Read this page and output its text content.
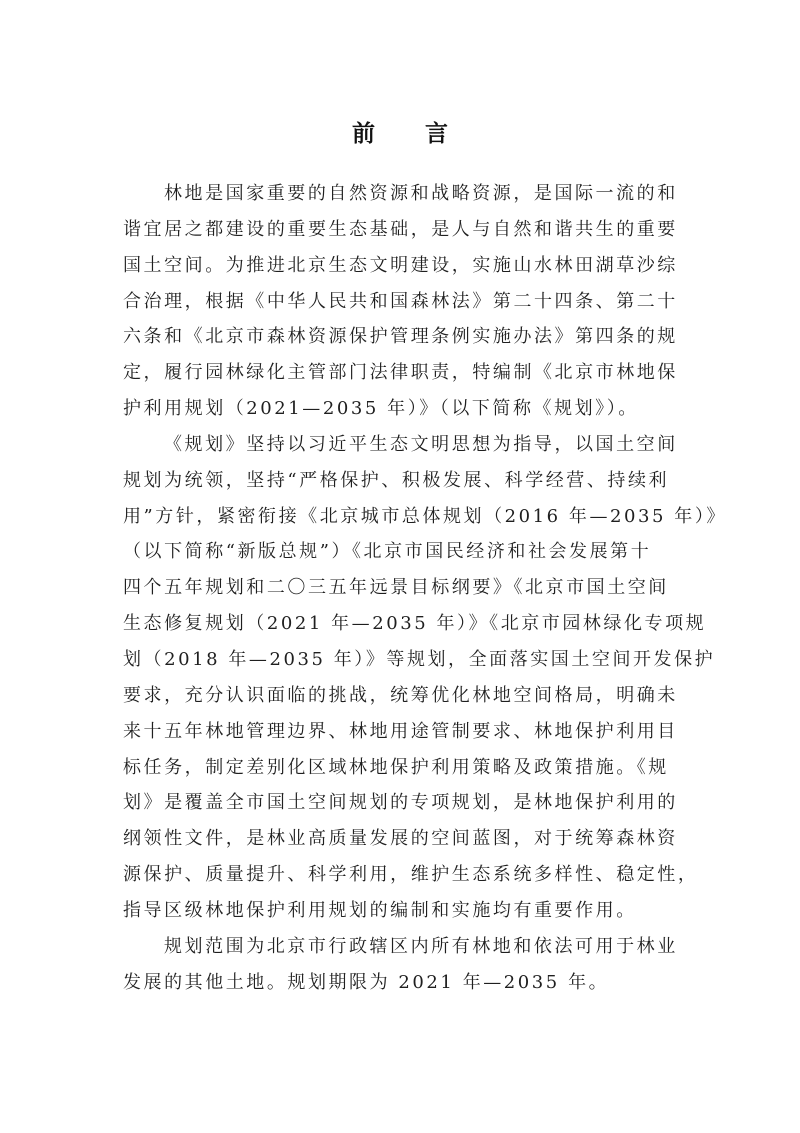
前 言
林地是国家重要的自然资源和战略资源，是国际一流的和
谐宜居之都建设的重要生态基础，是人与自然和谐共生的重要
国土空间。为推进北京生态文明建设，实施山水林田湖草沙综
合治理，根据《中华人民共和国森林法》第二十四条、第二十
六条和《北京市森林资源保护管理条例实施办法》第四条的规
定，履行园林绿化主管部门法律职责，特编制《北京市林地保
护利用规划（2021—2035 年）》（以下简称《规划》）。
《规划》坚持以习近平生态文明思想为指导，以国土空间
规划为统领，坚持“严格保护、积极发展、科学经营、持续利
用”方针，紧密衔接《北京城市总体规划（2016 年—2035 年）》
（以下简称“新版总规”）《北京市国民经济和社会发展第十
四个五年规划和二〇三五年远景目标纲要》《北京市国土空间
生态修复规划（2021 年—2035 年）》《北京市园林绿化专项规
划（2018 年—2035 年）》等规划，全面落实国土空间开发保护
要求，充分认识面临的挑战，统筹优化林地空间格局，明确未
来十五年林地管理边界、林地用途管制要求、林地保护利用目
标任务，制定差别化区域林地保护利用策略及政策措施。《规
划》是覆盖全市国土空间规划的专项规划，是林地保护利用的
纲领性文件，是林业高质量发展的空间蓝图，对于统筹森林资
源保护、质量提升、科学利用，维护生态系统多样性、稳定性，
指导区级林地保护利用规划的编制和实施均有重要作用。
规划范围为北京市行政辖区内所有林地和依法可用于林业
发展的其他土地。规划期限为 2021 年—2035 年。
